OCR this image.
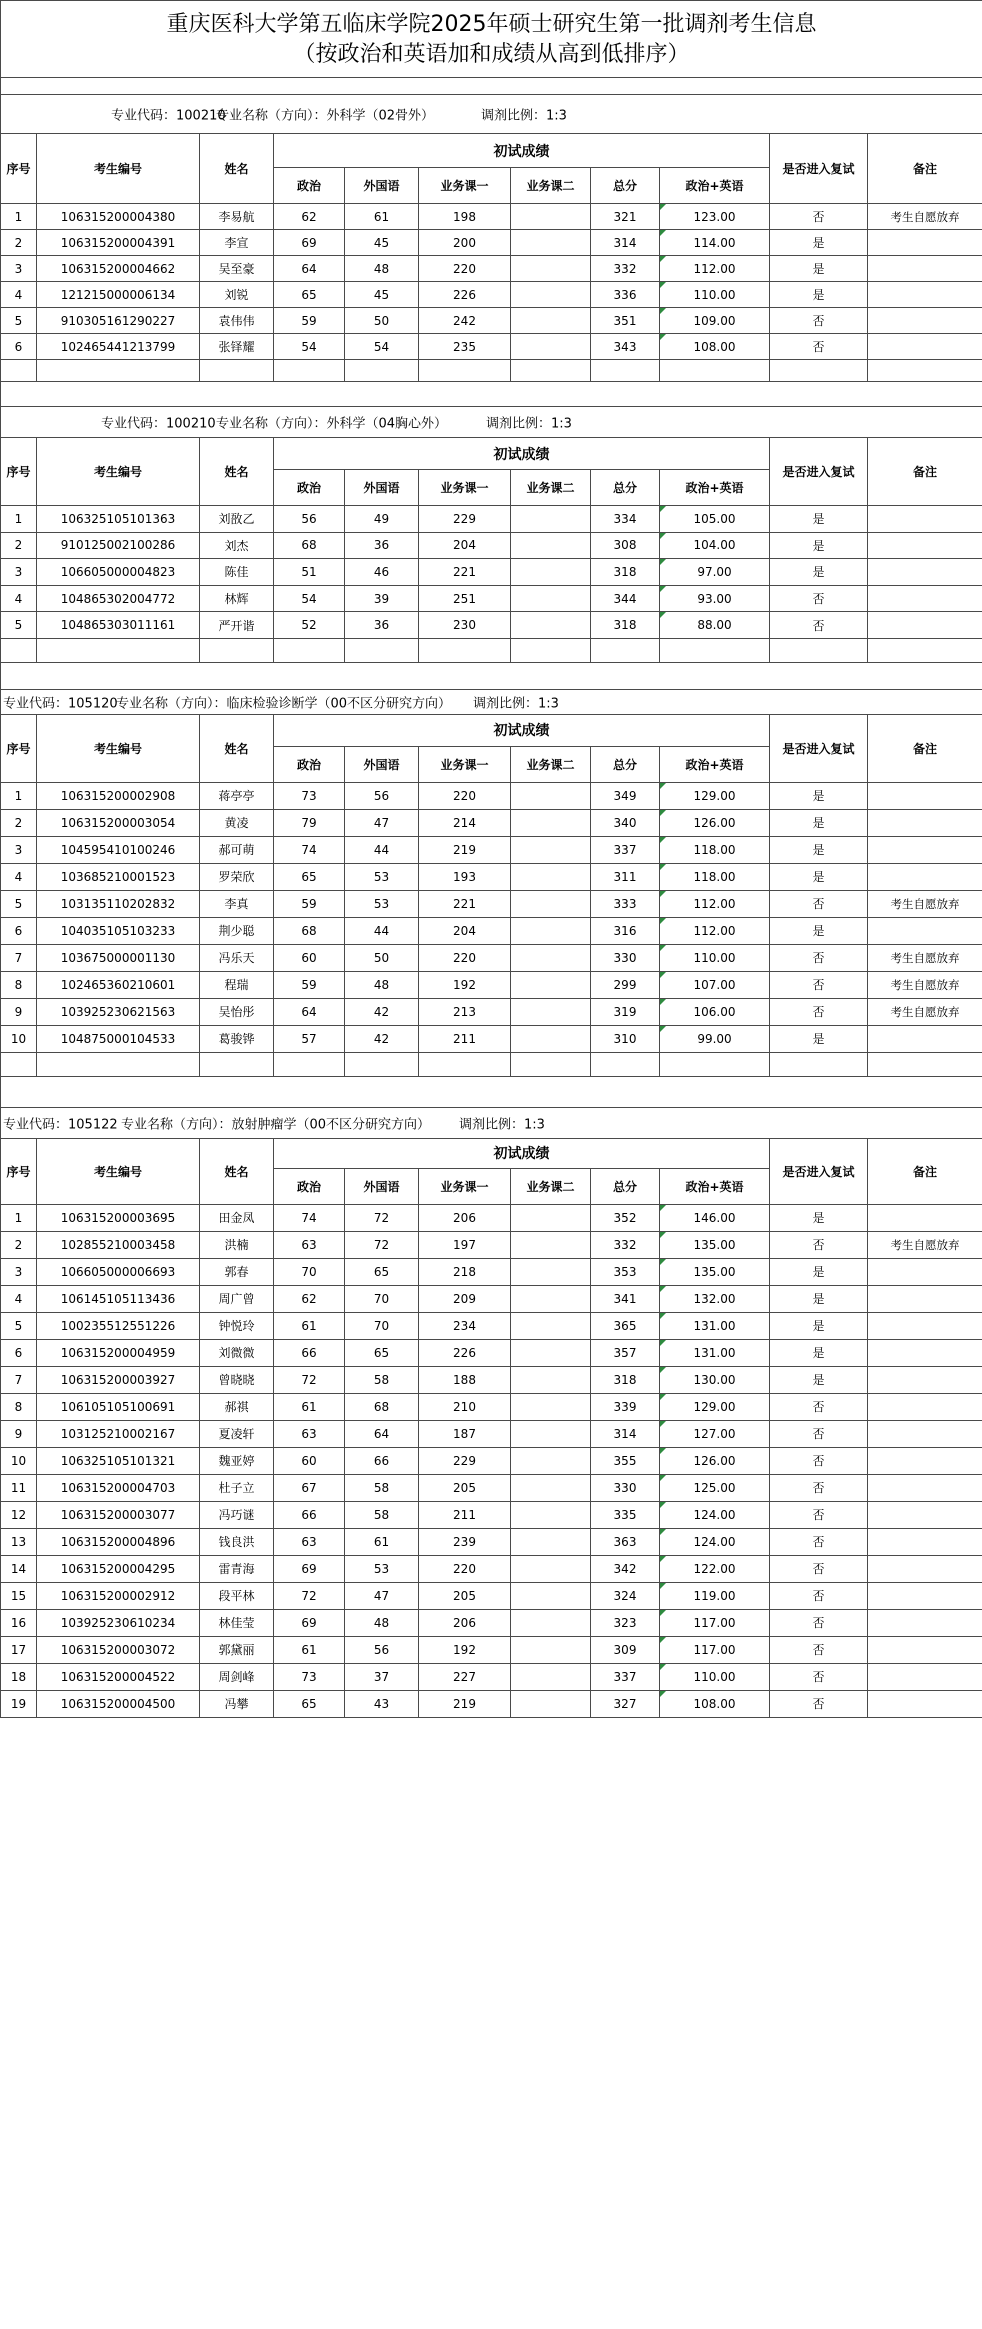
重庆医科大学第五临床学院2025年硕士研究生第一批调剂考生信息
（按政治和英语加和成绩从高到低排序）										

专业代码：100210
专业名称（方向）：外科学（02骨外） 调剂比例：1:3										

序号	考生编号	姓名	初试成绩						是否进入复试	备注
			政治	外国语	业务课一	业务课二	总分	政治+英语		
1	106315200004380	李易航	62	61	198		321	123.00	否	考生自愿放弃
2	106315200004391	李宣	69	45	200		314	114.00	是	
3	106315200004662	吴至豪	64	48	220		332	112.00	是	
4	121215000006134	刘锐	65	45	226		336	110.00	是	
5	910305161290227	袁伟伟	59	50	242		351	109.00	否	
6	102465441213799	张铎耀	54	54	235		343	108.00	否	

专业代码：100210 专业名称（方向）：外科学（04胸心外） 调剂比例：1:3										

序号	考生编号	姓名	初试成绩						是否进入复试	备注
			政治	外国语	业务课一	业务课二	总分	政治+英语		
1	106325105101363	刘敔乙	56	49	229		334	105.00	是	
2	910125002100286	刘杰	68	36	204		308	104.00	是	
3	106605000004823	陈佳	51	46	221		318	97.00	是	
4	104865302004772	林辉	54	39	251		344	93.00	否	
5	104865303011161	严开谐	52	36	230		318	88.00	否	

专业代码：105120
专业名称（方向）：临床检验诊断学（00不区分研究方向） 调剂比例：1:3										

序号	考生编号	姓名	初试成绩						是否进入复试	备注
			政治	外国语	业务课一	业务课二	总分	政治+英语		
1	106315200002908	蒋亭亭	73	56	220		349	129.00	是	
2	106315200003054	黄凌	79	47	214		340	126.00	是	
3	104595410100246	郝可萌	74	44	219		337	118.00	是	
4	103685210001523	罗荣欣	65	53	193		311	118.00	是	
5	103135110202832	李真	59	53	221		333	112.00	否	考生自愿放弃
6	104035105103233	荆少聪	68	44	204		316	112.00	是	
7	103675000001130	冯乐天	60	50	220		330	110.00	否	考生自愿放弃
8	102465360210601	程瑞	59	48	192		299	107.00	否	考生自愿放弃
9	103925230621563	吴怡彤	64	42	213		319	106.00	否	考生自愿放弃
10	104875000104533	葛骏铧	57	42	211		310	99.00	是	

专业代码：105122 专业名称（方向）：放射肿瘤学（00不区分研究方向） 调剂比例：1:3										

序号	考生编号	姓名	初试成绩						是否进入复试	备注
			政治	外国语	业务课一	业务课二	总分	政治+英语		
1	106315200003695	田金凤	74	72	206		352	146.00	是	
2	102855210003458	洪楠	63	72	197		332	135.00	否	考生自愿放弃
3	106605000006693	郭春	70	65	218		353	135.00	是	
4	106145105113436	周广曾	62	70	209		341	132.00	是	
5	100235512551226	钟悦玲	61	70	234		365	131.00	是	
6	106315200004959	刘微微	66	65	226		357	131.00	是	
7	106315200003927	曾晓晓	72	58	188		318	130.00	是	
8	106105105100691	郝祺	61	68	210		339	129.00	否	
9	103125210002167	夏凌轩	63	64	187		314	127.00	否	
10	106325105101321	魏亚婷	60	66	229		355	126.00	否	
11	106315200004703	杜子立	67	58	205		330	125.00	否	
12	106315200003077	冯巧谜	66	58	211		335	124.00	否	
13	106315200004896	钱良洪	63	61	239		363	124.00	否	
14	106315200004295	雷青海	69	53	220		342	122.00	否	
15	106315200002912	段平林	72	47	205		324	119.00	否	
16	103925230610234	林佳莹	69	48	206		323	117.00	否	
17	106315200003072	郭黛丽	61	56	192		309	117.00	否	
18	106315200004522	周剑峰	73	37	227		337	110.00	否	
19	106315200004500	冯攀	65	43	219		327	108.00	否	
